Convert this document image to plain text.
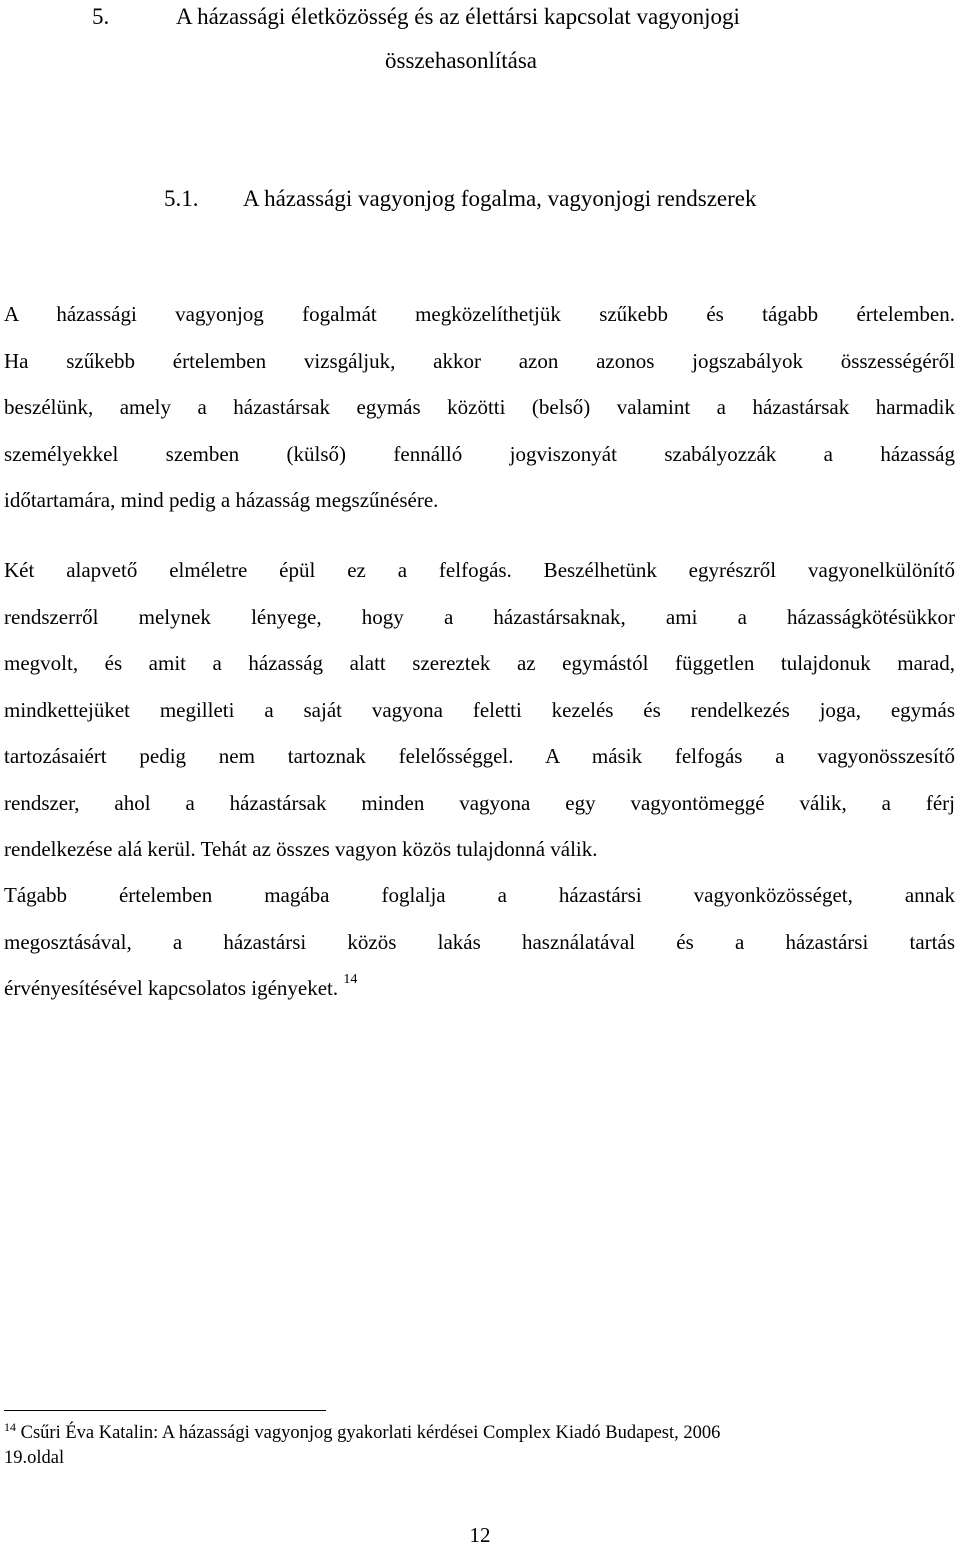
5.	A házassági életközösség és az élettársi kapcsolat vagyonjogi
összehasonlítása
5.1. A házassági vagyonjog fogalma, vagyonjogi rendszerek
A házassági vagyonjog fogalmát megközelíthetjük szűkebb és tágabb értelemben.
Ha szűkebb értelemben vizsgáljuk, akkor azon azonos jogszabályok összességéről
beszélünk, amely a házastársak egymás közötti (belső) valamint a házastársak harmadik
személyekkel szemben (külső) fennálló jogviszonyát szabályozzák a házasság
időtartamára, mind pedig a házasság megszűnésére.
Két alapvető elméletre épül ez a felfogás. Beszélhetünk egyrészről vagyonelkülönítő
rendszerről melynek lényege, hogy a házastársaknak, ami a házasságkötésükkor
megvolt, és amit a házasság alatt szereztek az egymástól független tulajdonuk marad,
mindkettejüket megilleti a saját vagyona feletti kezelés és rendelkezés joga, egymás
tartozásaiért pedig nem tartoznak felelősséggel. A másik felfogás a vagyonösszesítő
rendszer, ahol a házastársak minden vagyona egy vagyontömeggé válik, a férj
rendelkezése alá kerül. Tehát az összes vagyon közös tulajdonná válik.
Tágabb értelemben magába foglalja a házastársi vagyonközösséget, annak
megosztásával, a házastársi közös lakás használatával és a házastársi tartás
érvényesítésével kapcsolatos igényeket. $^{14}$
$^{14}$ Csűri Éva Katalin: A házassági vagyonjog gyakorlati kérdései Complex Kiadó Budapest, 2006
19.oldal
12
